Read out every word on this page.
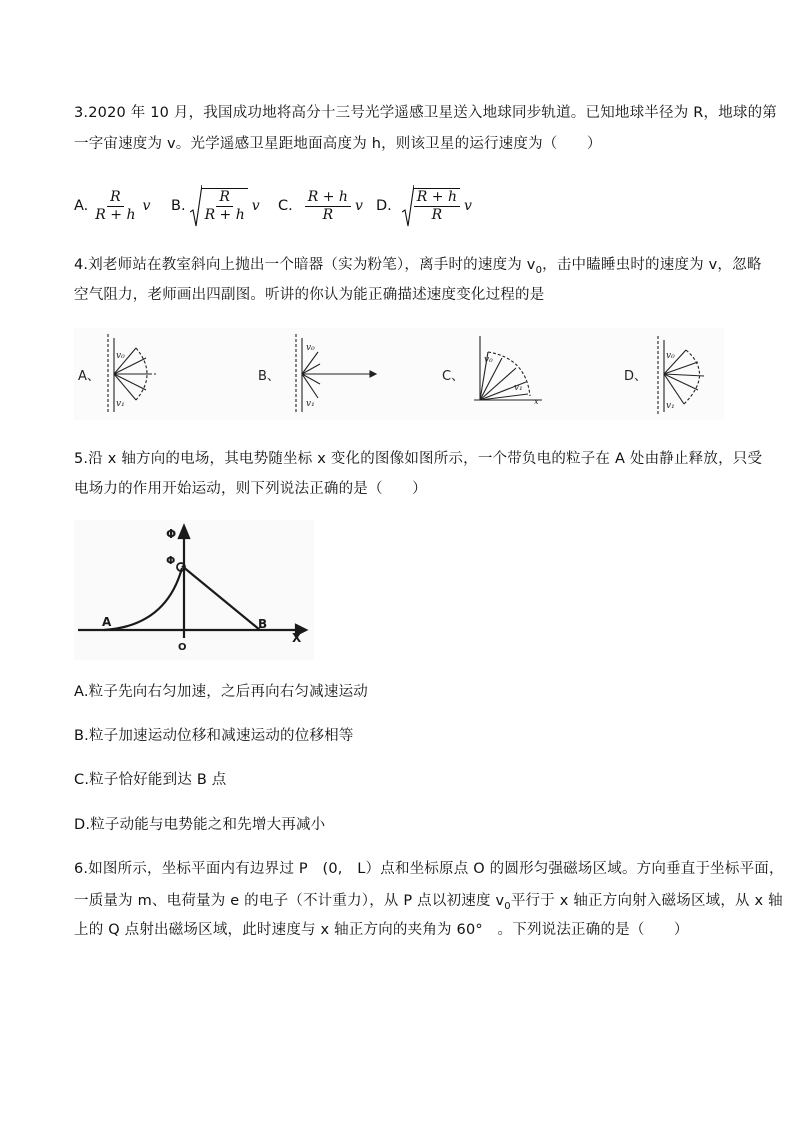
3.2020 年 10 月，我国成功地将高分十三号光学遥感卫星送入地球同步轨道。已知地球半径为 R，地球的第
一字宙速度为 v。光学遥感卫星距地面高度为 h，则该卫星的运行速度为（　　）
A. $\frac{R}{R + h}$ v B. $\frac{R}{R + h}$ v C. $\frac{R + h}{R}$ v D. $\frac{R + h}{R}$ v
4.刘老师站在教室斜向上抛出一个暗器（实为粉笔），离手时的速度为 $v_0$，击中瞌睡虫时的速度为 v，忽略
空气阻力，老师画出四副图。听讲的你认为能正确描述速度变化过程的是
A、
v₀
v₁
B、
v₀
v₁
C、
v₀
v₁
x
D、
v₀
v₁
5.沿 x 轴方向的电场，其电势随坐标 x 变化的图像如图所示，一个带负电的粒子在 A 处由静止释放，只受
电场力的作用开始运动，则下列说法正确的是（　　）
Φ
Φ
A	B
O
X
A.粒子先向右匀加速，之后再向右匀减速运动
B.粒子加速运动位移和减速运动的位移相等
C.粒子恰好能到达 B 点
D.粒子动能与电势能之和先增大再减小
6.如图所示，坐标平面内有边界过 P　(0,　L）点和坐标原点 O 的圆形匀强磁场区域。方向垂直于坐标平面，
一质量为 m、电荷量为 e 的电子（不计重力），从 P 点以初速度 $v_0$平行于 x 轴正方向射入磁场区域，从 x 轴
上的 Q 点射出磁场区域，此时速度与 x 轴正方向的夹角为 60°　。下列说法正确的是（　　）
